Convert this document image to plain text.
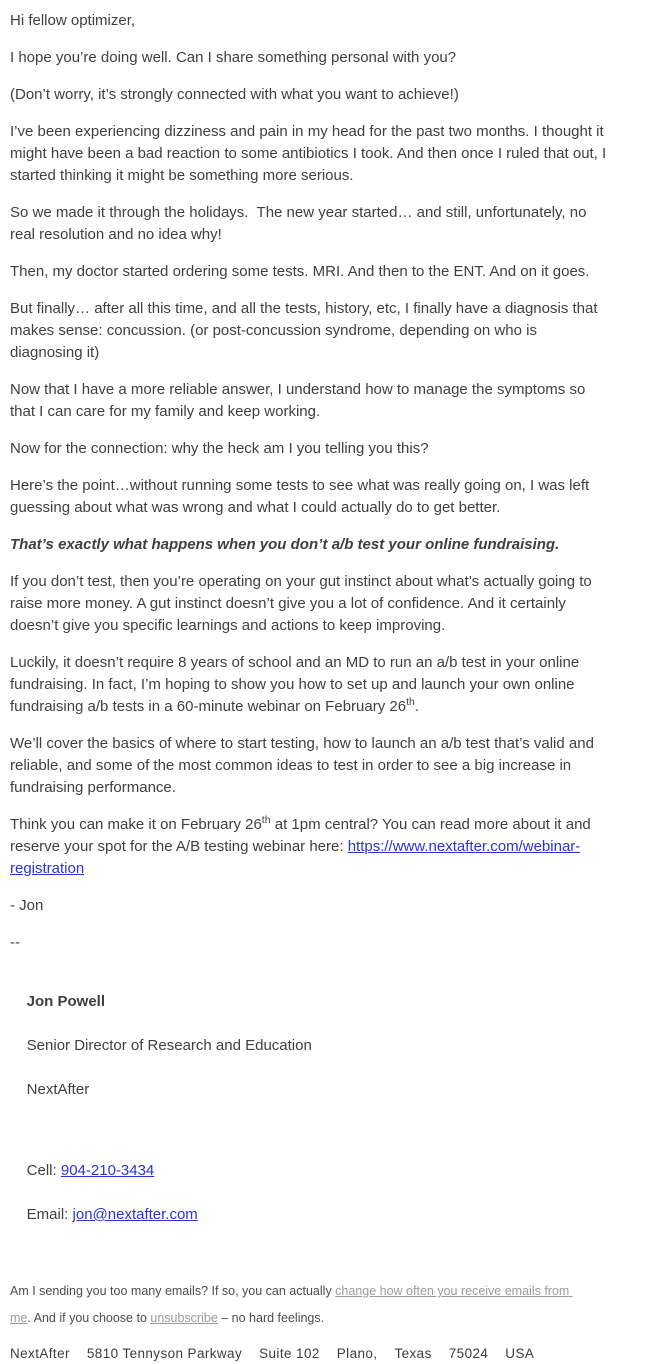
Hi fellow optimizer,

I hope you’re doing well. Can I share something personal with you?

(Don’t worry, it’s strongly connected with what you want to achieve!)

I’ve been experiencing dizziness and pain in my head for the past two months. I thought it might have been a bad reaction to some antibiotics I took. And then once I ruled that out, I started thinking it might be something more serious.

So we made it through the holidays.  The new year started… and still, unfortunately, no real resolution and no idea why!

Then, my doctor started ordering some tests. MRI. And then to the ENT. And on it goes.

But finally… after all this time, and all the tests, history, etc, I finally have a diagnosis that makes sense: concussion. (or post-concussion syndrome, depending on who is diagnosing it)

Now that I have a more reliable answer, I understand how to manage the symptoms so that I can care for my family and keep working.

Now for the connection: why the heck am I you telling you this?

Here’s the point…without running some tests to see what was really going on, I was left guessing about what was wrong and what I could actually do to get better.

That’s exactly what happens when you don’t a/b test your online fundraising.

If you don’t test, then you’re operating on your gut instinct about what’s actually going to raise more money. A gut instinct doesn’t give you a lot of confidence. And it certainly doesn’t give you specific learnings and actions to keep improving.

Luckily, it doesn’t require 8 years of school and an MD to run an a/b test in your online fundraising. In fact, I’m hoping to show you how to set up and launch your own online fundraising a/b tests in a 60-minute webinar on February 26th.

We’ll cover the basics of where to start testing, how to launch an a/b test that’s valid and reliable, and some of the most common ideas to test in order to see a big increase in fundraising performance.

Think you can make it on February 26th at 1pm central? You can read more about it and reserve your spot for the A/B testing webinar here: https://www.nextafter.com/webinar-registration

- Jon

--

Jon Powell

Senior Director of Research and Education

NextAfter

Cell: 904-210-3434

Email: jon@nextafter.com

Am I sending you too many emails? If so, you can actually change how often you receive emails from me. And if you choose to unsubscribe – no hard feelings.
NextAfter 5810 Tennyson Parkway Suite 102 Plano, Texas 75024 USA
